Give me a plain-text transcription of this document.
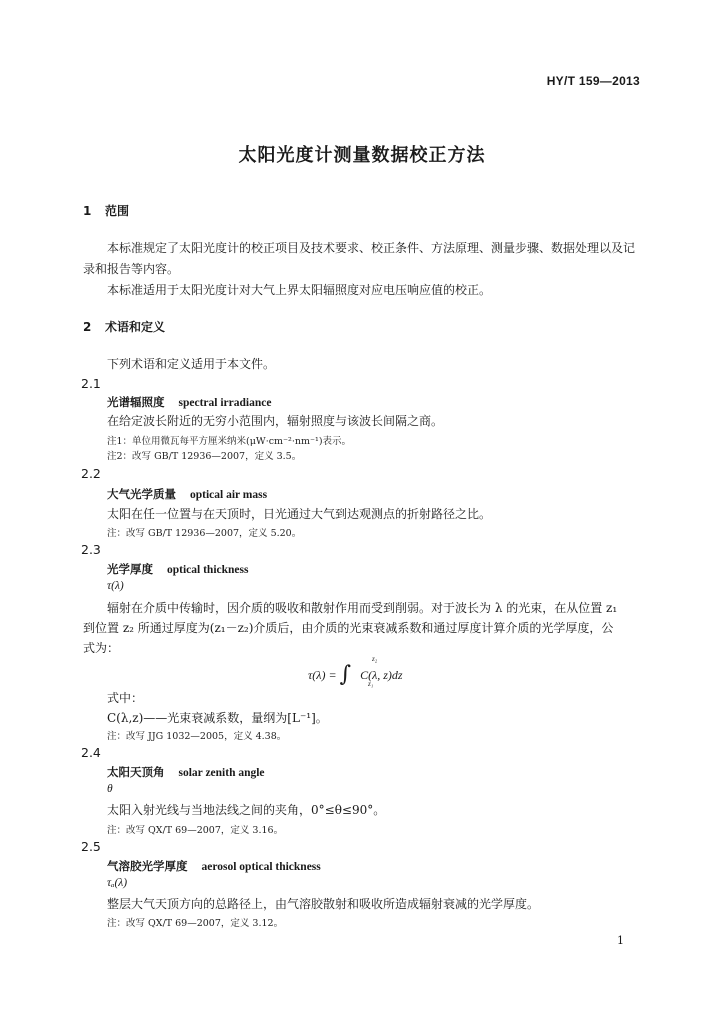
HY/T 159—2013
太阳光度计测量数据校正方法
1 范围
本标准规定了太阳光度计的校正项目及技术要求、校正条件、方法原理、测量步骤、数据处理以及记
录和报告等内容。
本标准适用于太阳光度计对大气上界太阳辐照度对应电压响应值的校正。
2 术语和定义
下列术语和定义适用于本文件。
2.1
光谱辐照度 spectral irradiance
在给定波长附近的无穷小范围内，辐射照度与该波长间隔之商。
注1：单位用微瓦每平方厘米纳米(μW·cm⁻²·nm⁻¹)表示。
注2：改写 GB/T 12936—2007，定义 3.5。
2.2
大气光学质量 optical air mass
太阳在任一位置与在天顶时，日光通过大气到达观测点的折射路径之比。
注：改写 GB/T 12936—2007，定义 5.20。
2.3
光学厚度 optical thickness
τ(λ)
辐射在介质中传输时，因介质的吸收和散射作用而受到削弱。对于波长为 λ 的光束，在从位置 z₁
到位置 z₂ 所通过厚度为(z₁－z₂)介质后，由介质的光束衰减系数和通过厚度计算介质的光学厚度，公
式为：
τ(λ) = ∫
z₂
z₁
C(λ, z)dz
式中：
C(λ,z)——光束衰减系数，量纲为[L⁻¹]。
注：改写 JJG 1032—2005，定义 4.38。
2.4
太阳天顶角 solar zenith angle
θ
太阳入射光线与当地法线之间的夹角，0°≤θ≤90°。
注：改写 QX/T 69—2007，定义 3.16。
2.5
气溶胶光学厚度 aerosol optical thickness
τₐ(λ)
整层大气天顶方向的总路径上，由气溶胶散射和吸收所造成辐射衰减的光学厚度。
注：改写 QX/T 69—2007，定义 3.12。
1
